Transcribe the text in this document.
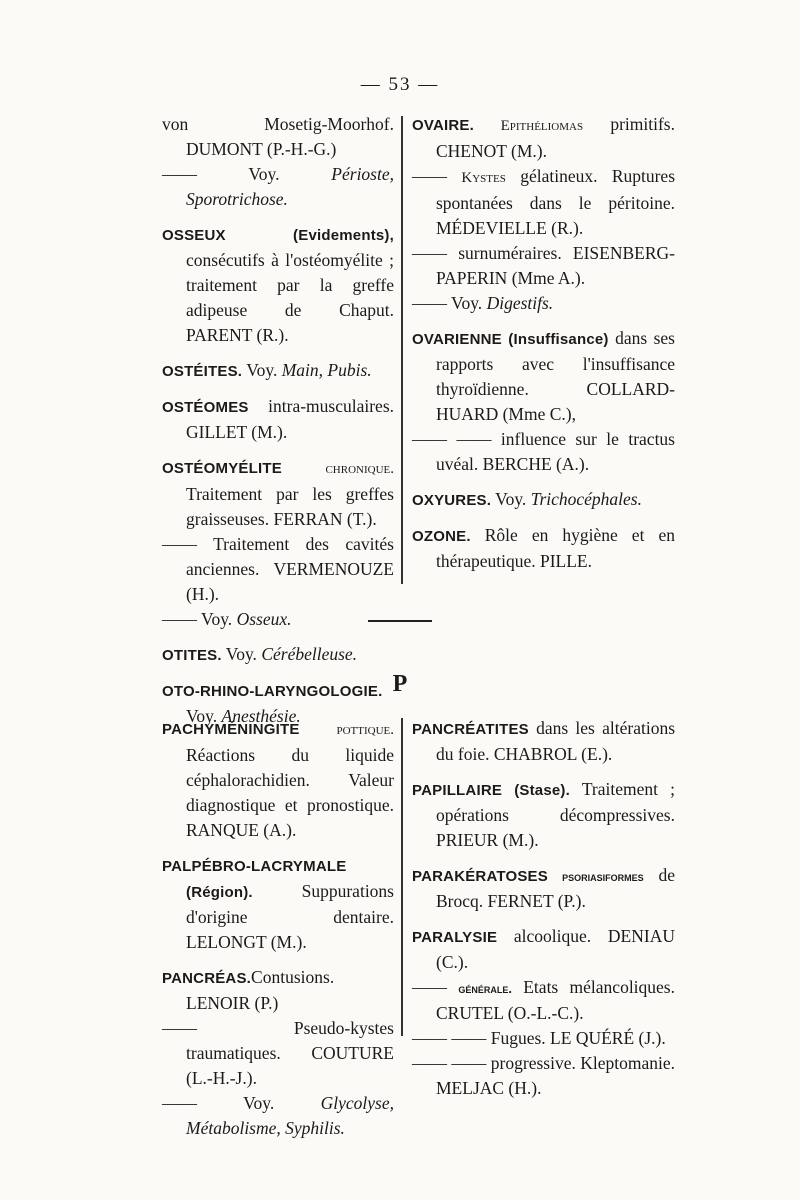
— 53 —

von Mosetig-Moorhof. DUMONT (P.-H.-G.)

—— Voy. Périoste, Sporotrichose.

OSSEUX (Evidements), consécutifs à l'ostéomyélite ; traitement par la greffe adipeuse de Chaput. PARENT (R.).

OSTÉITES. Voy. Main, Pubis.

OSTÉOMES intra-musculaires. GILLET (M.).

OSTÉOMYÉLITE chronique. Traitement par les greffes graisseuses. FERRAN (T.).

—— Traitement des cavités anciennes. VERMENOUZE (H.).

—— Voy. Osseux.

OTITES. Voy. Cérébelleuse.

OTO-RHINO-LARYNGOLOGIE. Voy. Anesthésie.

OVAIRE. Epithéliomas primitifs. CHENOT (M.).

—— Kystes gélatineux. Ruptures spontanées dans le péritoine. MÉDEVIELLE (R.).

—— surnuméraires. EISENBERG-PAPERIN (Mme A.).

—— Voy. Digestifs.

OVARIENNE (Insuffisance) dans ses rapports avec l'insuffisance thyroïdienne. COLLARD-HUARD (Mme C.),

—— —— influence sur le tractus uvéal. BERCHE (A.).

OXYURES. Voy. Trichocéphales.

OZONE. Rôle en hygiène et en thérapeutique. PILLE.

P

PACHYMÉNINGITE pottique. Réactions du liquide céphalorachidien. Valeur diagnostique et pronostique. RANQUE (A.).

PALPÉBRO-LACRYMALE (Région). Suppurations d'origine dentaire. LELONGT (M.).

PANCRÉAS.Contusions. LENOIR (P.)

—— Pseudo-kystes traumatiques. COUTURE (L.-H.-J.).

—— Voy. Glycolyse, Métabolisme, Syphilis.

PANCRÉATITES dans les altérations du foie. CHABROL (E.).

PAPILLAIRE (Stase). Traitement ; opérations décompressives. PRIEUR (M.).

PARAKÉRATOSES psoriasiformes de Brocq. FERNET (P.).

PARALYSIE alcoolique. DENIAU (C.).

—— générale. Etats mélancoliques. CRUTEL (O.-L.-C.).

—— —— Fugues. LE QUÉRÉ (J.).

—— —— progressive. Kleptomanie. MELJAC (H.).
